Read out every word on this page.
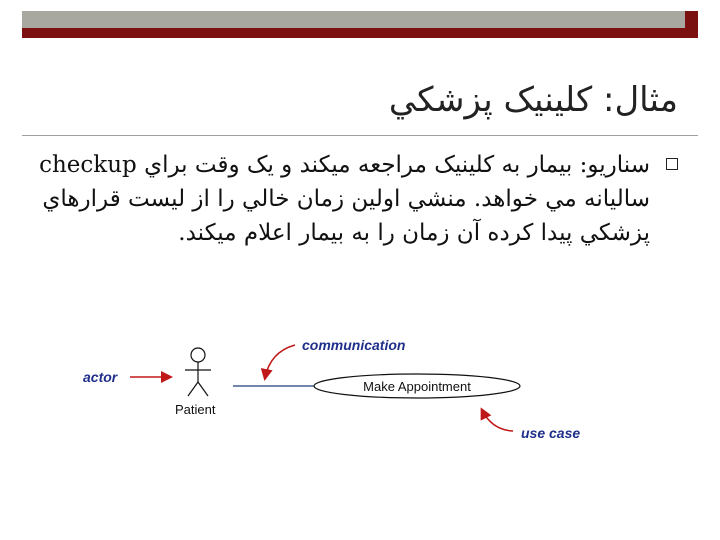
مثال: کلينيک پزشکي
سناريو: بيمار به کلينيک مراجعه ميکند و يک وقت براي checkup ساليانه مي خواهد. منشي اولين زمان خالي را از ليست قرارهاي پزشکي پيدا کرده آن زمان را به بيمار اعلام ميکند.
actor
Patient
communication
Make Appointment
use case
